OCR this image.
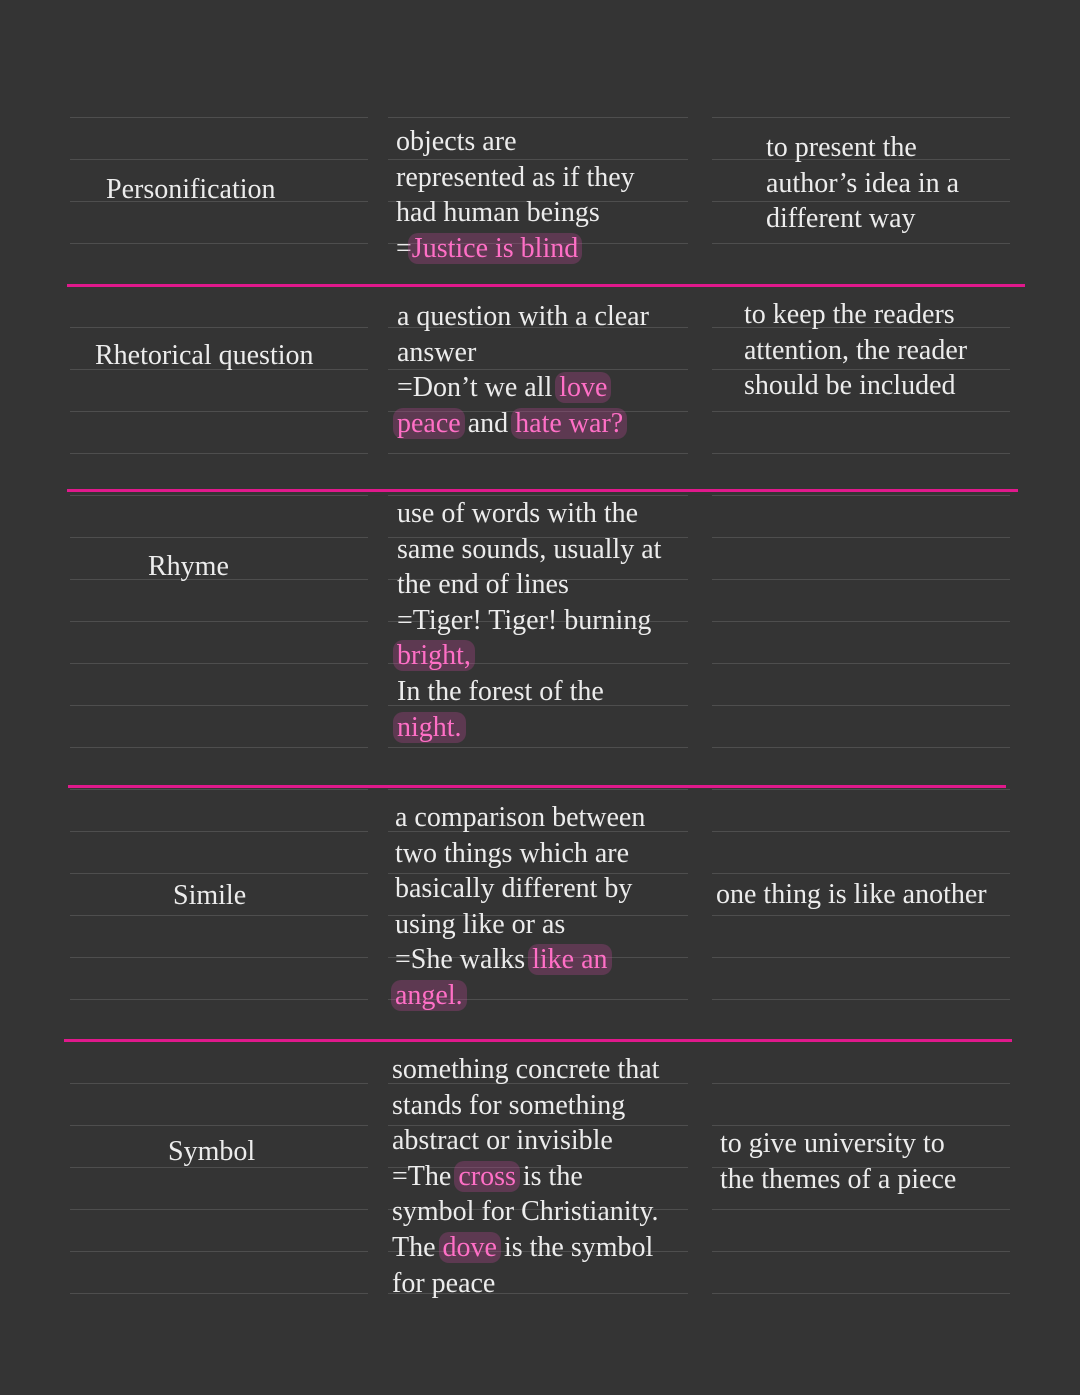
Personification
objects are
represented as if they
had human beings
=Justice is blind
to present the
author’s idea in a
different way
Rhetorical question
a question with a clear
answer
=Don’t we all love
peace and hate war?
to keep the readers
attention, the reader
should be included
Rhyme
use of words with the
same sounds, usually at
the end of lines
=Tiger! Tiger! burning
bright,
In the forest of the
night.
Simile
a comparison between
two things which are
basically different by
using like or as
=She walks like an
angel.
one thing is like another
Symbol
something concrete that
stands for something
abstract or invisible
=The cross is the
symbol for Christianity.
The dove is the symbol
for peace
to give university to
the themes of a piece
